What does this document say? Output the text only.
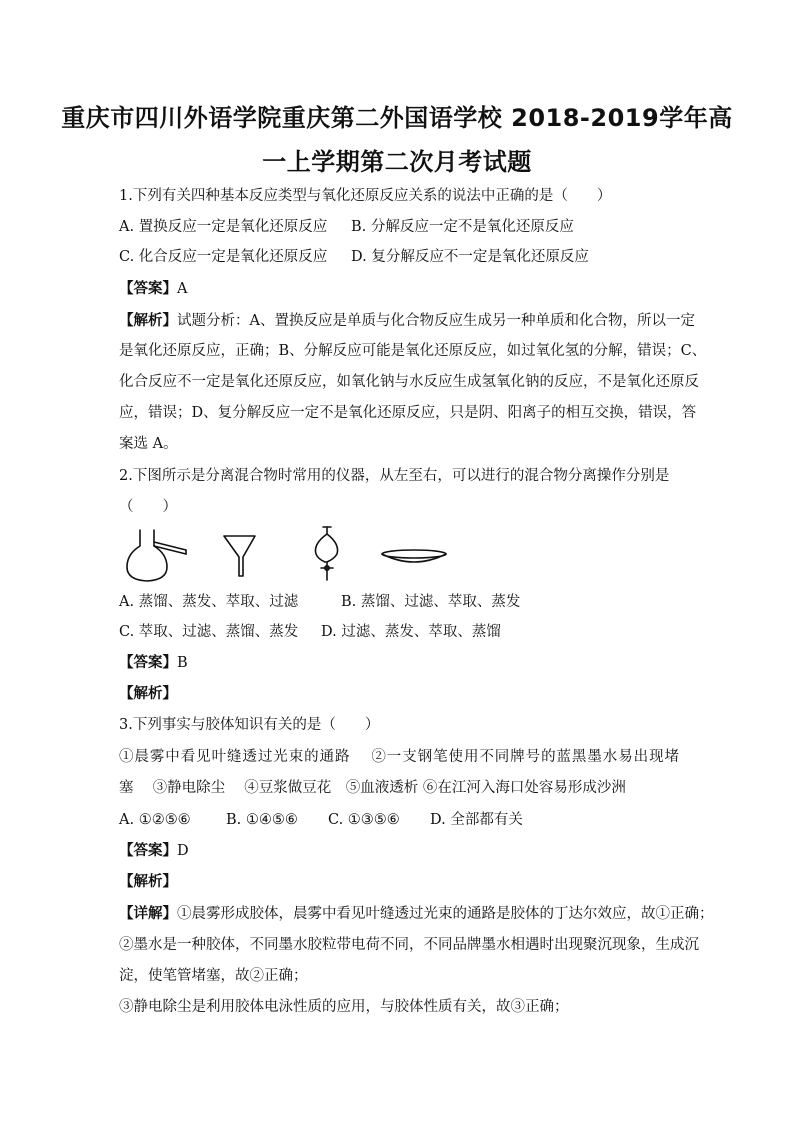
重庆市四川外语学院重庆第二外国语学校 2018-2019学年高
一上学期第二次月考试题
1.下列有关四种基本反应类型与氧化还原反应关系的说法中正确的是（　　）
A. 置换反应一定是氧化还原反应 B. 分解反应一定不是氧化还原反应
C. 化合反应一定是氧化还原反应 D. 复分解反应不一定是氧化还原反应
【答案】A
【解析】试题分析：A、置换反应是单质与化合物反应生成另一种单质和化合物，所以一定
是氧化还原反应，正确；B、分解反应可能是氧化还原反应，如过氧化氢的分解，错误；C、
化合反应不一定是氧化还原反应，如氧化钠与水反应生成氢氧化钠的反应，不是氧化还原反
应，错误；D、复分解反应一定不是氧化还原反应，只是阴、阳离子的相互交换，错误，答
案选 A。
2.下图所示是分离混合物时常用的仪器，从左至右，可以进行的混合物分离操作分别是
（　　）
A. 蒸馏、蒸发、萃取、过滤	B. 蒸馏、过滤、萃取、蒸发
C. 萃取、过滤、蒸馏、蒸发 D. 过滤、蒸发、萃取、蒸馏
【答案】B
【解析】
3.下列事实与胶体知识有关的是（　　）
①晨雾中看见叶缝透过光束的通路　 ②一支钢笔使用不同牌号的蓝黑墨水易出现堵
塞　 ③静电除尘　 ④豆浆做豆花　⑤血液透析 ⑥在江河入海口处容易形成沙洲
A. ①②⑤⑥ B. ①④⑤⑥ C. ①③⑤⑥ D. 全部都有关
【答案】D
【解析】
【详解】①晨雾形成胶体，晨雾中看见叶缝透过光束的通路是胶体的丁达尔效应，故①正确；
②墨水是一种胶体，不同墨水胶粒带电荷不同，不同品牌墨水相遇时出现聚沉现象，生成沉
淀，使笔管堵塞，故②正确；
③静电除尘是利用胶体电泳性质的应用，与胶体性质有关，故③正确；
